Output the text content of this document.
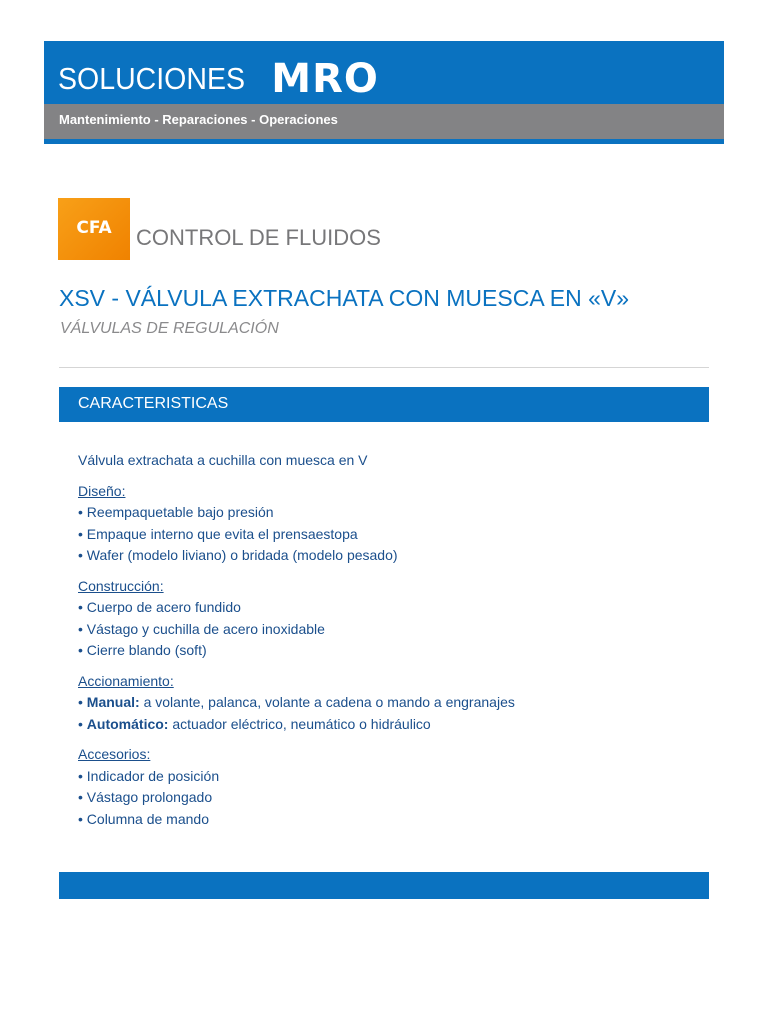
SOLUCIONES MRO
Mantenimiento - Reparaciones - Operaciones
CFA	CONTROL DE FLUIDOS
XSV - VÁLVULA EXTRACHATA CON MUESCA EN «V»
VÁLVULAS DE REGULACIÓN
CARACTERISTICAS
Válvula extrachata a cuchilla con muesca en V
Diseño:
• Reempaquetable bajo presión
• Empaque interno que evita el prensaestopa
• Wafer (modelo liviano) o bridada (modelo pesado)
Construcción:
• Cuerpo de acero fundido
• Vástago y cuchilla de acero inoxidable
• Cierre blando (soft)
Accionamiento:
• Manual: a volante, palanca, volante a cadena o mando a engranajes
• Automático: actuador eléctrico, neumático o hidráulico
Accesorios:
• Indicador de posición
• Vástago prolongado
• Columna de mando
